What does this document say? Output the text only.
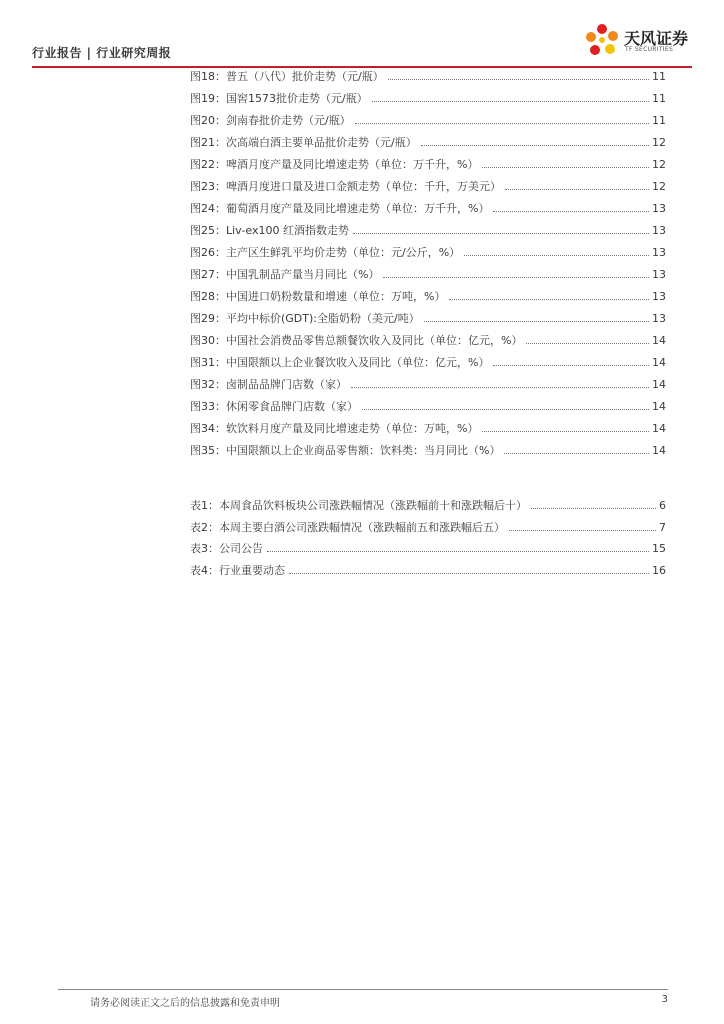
行业报告 | 行业研究周报
天风证券
TF SECURITIES
图18：普五（八代）批价走势（元/瓶）	11
图19：国窖1573批价走势（元/瓶）	11
图20：剑南春批价走势（元/瓶）	11
图21：次高端白酒主要单品批价走势（元/瓶）	12
图22：啤酒月度产量及同比增速走势（单位：万千升，%）	12
图23：啤酒月度进口量及进口金额走势（单位：千升，万美元）	12
图24：葡萄酒月度产量及同比增速走势（单位：万千升，%）	13
图25：Liv-ex100 红酒指数走势	13
图26：主产区生鲜乳平均价走势（单位：元/公斤，%）	13
图27：中国乳制品产量当月同比（%）	13
图28：中国进口奶粉数量和增速（单位：万吨，%）	13
图29：平均中标价(GDT):全脂奶粉（美元/吨）	13
图30：中国社会消费品零售总额餐饮收入及同比（单位：亿元，%）	14
图31：中国限额以上企业餐饮收入及同比（单位：亿元，%）	14
图32：卤制品品牌门店数（家）	14
图33：休闲零食品牌门店数（家）	14
图34：软饮料月度产量及同比增速走势（单位：万吨，%）	14
图35：中国限额以上企业商品零售额：饮料类：当月同比（%）	14
表1：本周食品饮料板块公司涨跌幅情况（涨跌幅前十和涨跌幅后十）	6
表2：本周主要白酒公司涨跌幅情况（涨跌幅前五和涨跌幅后五）	7
表3：公司公告	15
表4：行业重要动态	16
请务必阅读正文之后的信息披露和免责申明	3
